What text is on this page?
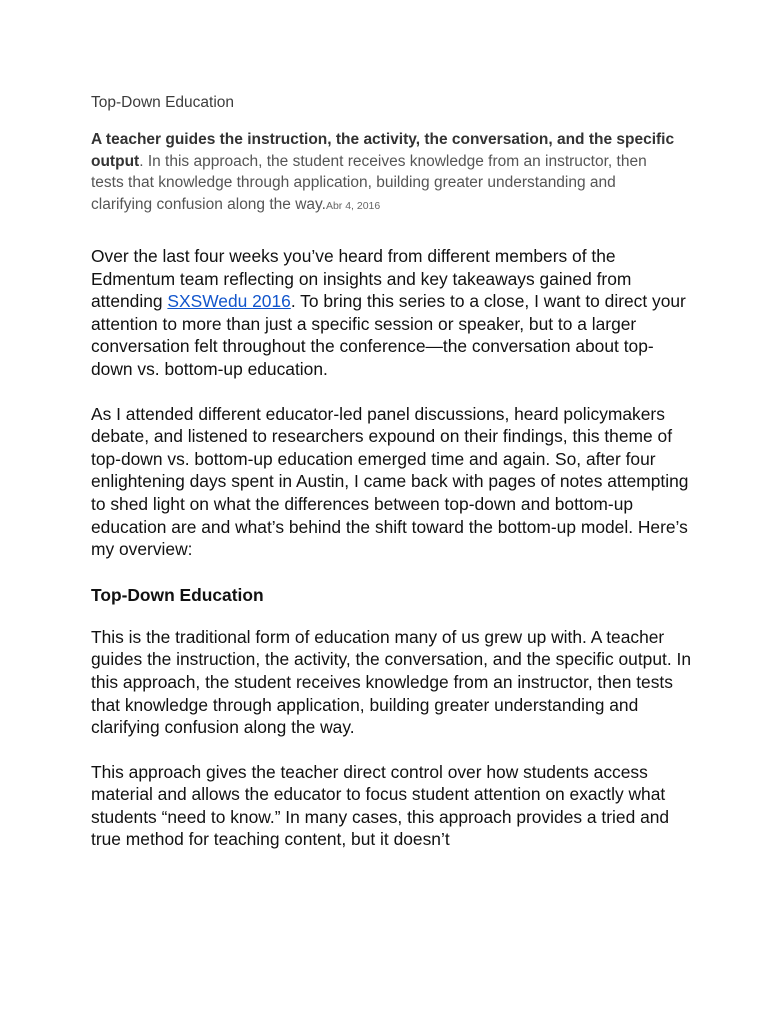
Top-Down Education
A teacher guides the instruction, the activity, the conversation, and the specific output. In this approach, the student receives knowledge from an instructor, then tests that knowledge through application, building greater understanding and clarifying confusion along the way.Abr 4, 2016

Over the last four weeks you’ve heard from different members of the Edmentum team reflecting on insights and key takeaways gained from attending SXSWedu 2016. To bring this series to a close, I want to direct your attention to more than just a specific session or speaker, but to a larger conversation felt throughout the conference—the conversation about top-down vs. bottom-up education.

As I attended different educator-led panel discussions, heard policymakers debate, and listened to researchers expound on their findings, this theme of top-down vs. bottom-up education emerged time and again. So, after four enlightening days spent in Austin, I came back with pages of notes attempting to shed light on what the differences between top-down and bottom-up education are and what’s behind the shift toward the bottom-up model. Here’s my overview:

Top-Down Education

This is the traditional form of education many of us grew up with. A teacher guides the instruction, the activity, the conversation, and the specific output. In this approach, the student receives knowledge from an instructor, then tests that knowledge through application, building greater understanding and clarifying confusion along the way.

This approach gives the teacher direct control over how students access material and allows the educator to focus student attention on exactly what students “need to know.” In many cases, this approach provides a tried and true method for teaching content, but it doesn’t
